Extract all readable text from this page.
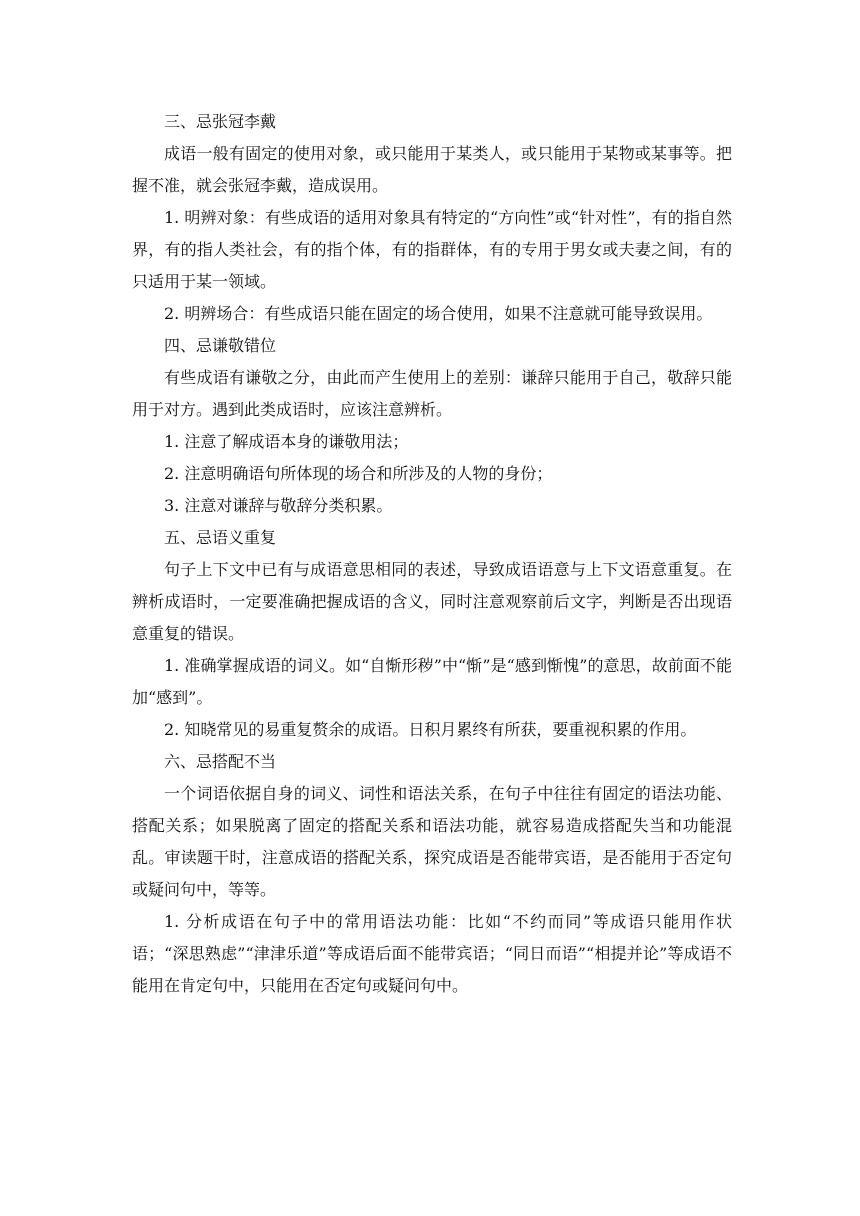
三、忌张冠李戴

成语一般有固定的使用对象，或只能用于某类人，或只能用于某物或某事等。把握不准，就会张冠李戴，造成误用。

1. 明辨对象：有些成语的适用对象具有特定的“方向性”或“针对性”，有的指自然界，有的指人类社会，有的指个体，有的指群体，有的专用于男女或夫妻之间，有的只适用于某一领域。

2. 明辨场合：有些成语只能在固定的场合使用，如果不注意就可能导致误用。

四、忌谦敬错位

有些成语有谦敬之分，由此而产生使用上的差别：谦辞只能用于自己，敬辞只能用于对方。遇到此类成语时，应该注意辨析。

1. 注意了解成语本身的谦敬用法；

2. 注意明确语句所体现的场合和所涉及的人物的身份；

3. 注意对谦辞与敬辞分类积累。

五、忌语义重复

句子上下文中已有与成语意思相同的表述，导致成语语意与上下文语意重复。在辨析成语时，一定要准确把握成语的含义，同时注意观察前后文字，判断是否出现语意重复的错误。

1. 准确掌握成语的词义。如“自惭形秽”中“惭”是“感到惭愧”的意思，故前面不能加“感到”。

2. 知晓常见的易重复赘余的成语。日积月累终有所获，要重视积累的作用。

六、忌搭配不当

一个词语依据自身的词义、词性和语法关系，在句子中往往有固定的语法功能、搭配关系；如果脱离了固定的搭配关系和语法功能，就容易造成搭配失当和功能混乱。审读题干时，注意成语的搭配关系，探究成语是否能带宾语，是否能用于否定句或疑问句中，等等。

1. 分析成语在句子中的常用语法功能：比如“不约而同”等成语只能用作状语；“深思熟虑”“津津乐道”等成语后面不能带宾语；“同日而语”“相提并论”等成语不能用在肯定句中，只能用在否定句或疑问句中。
